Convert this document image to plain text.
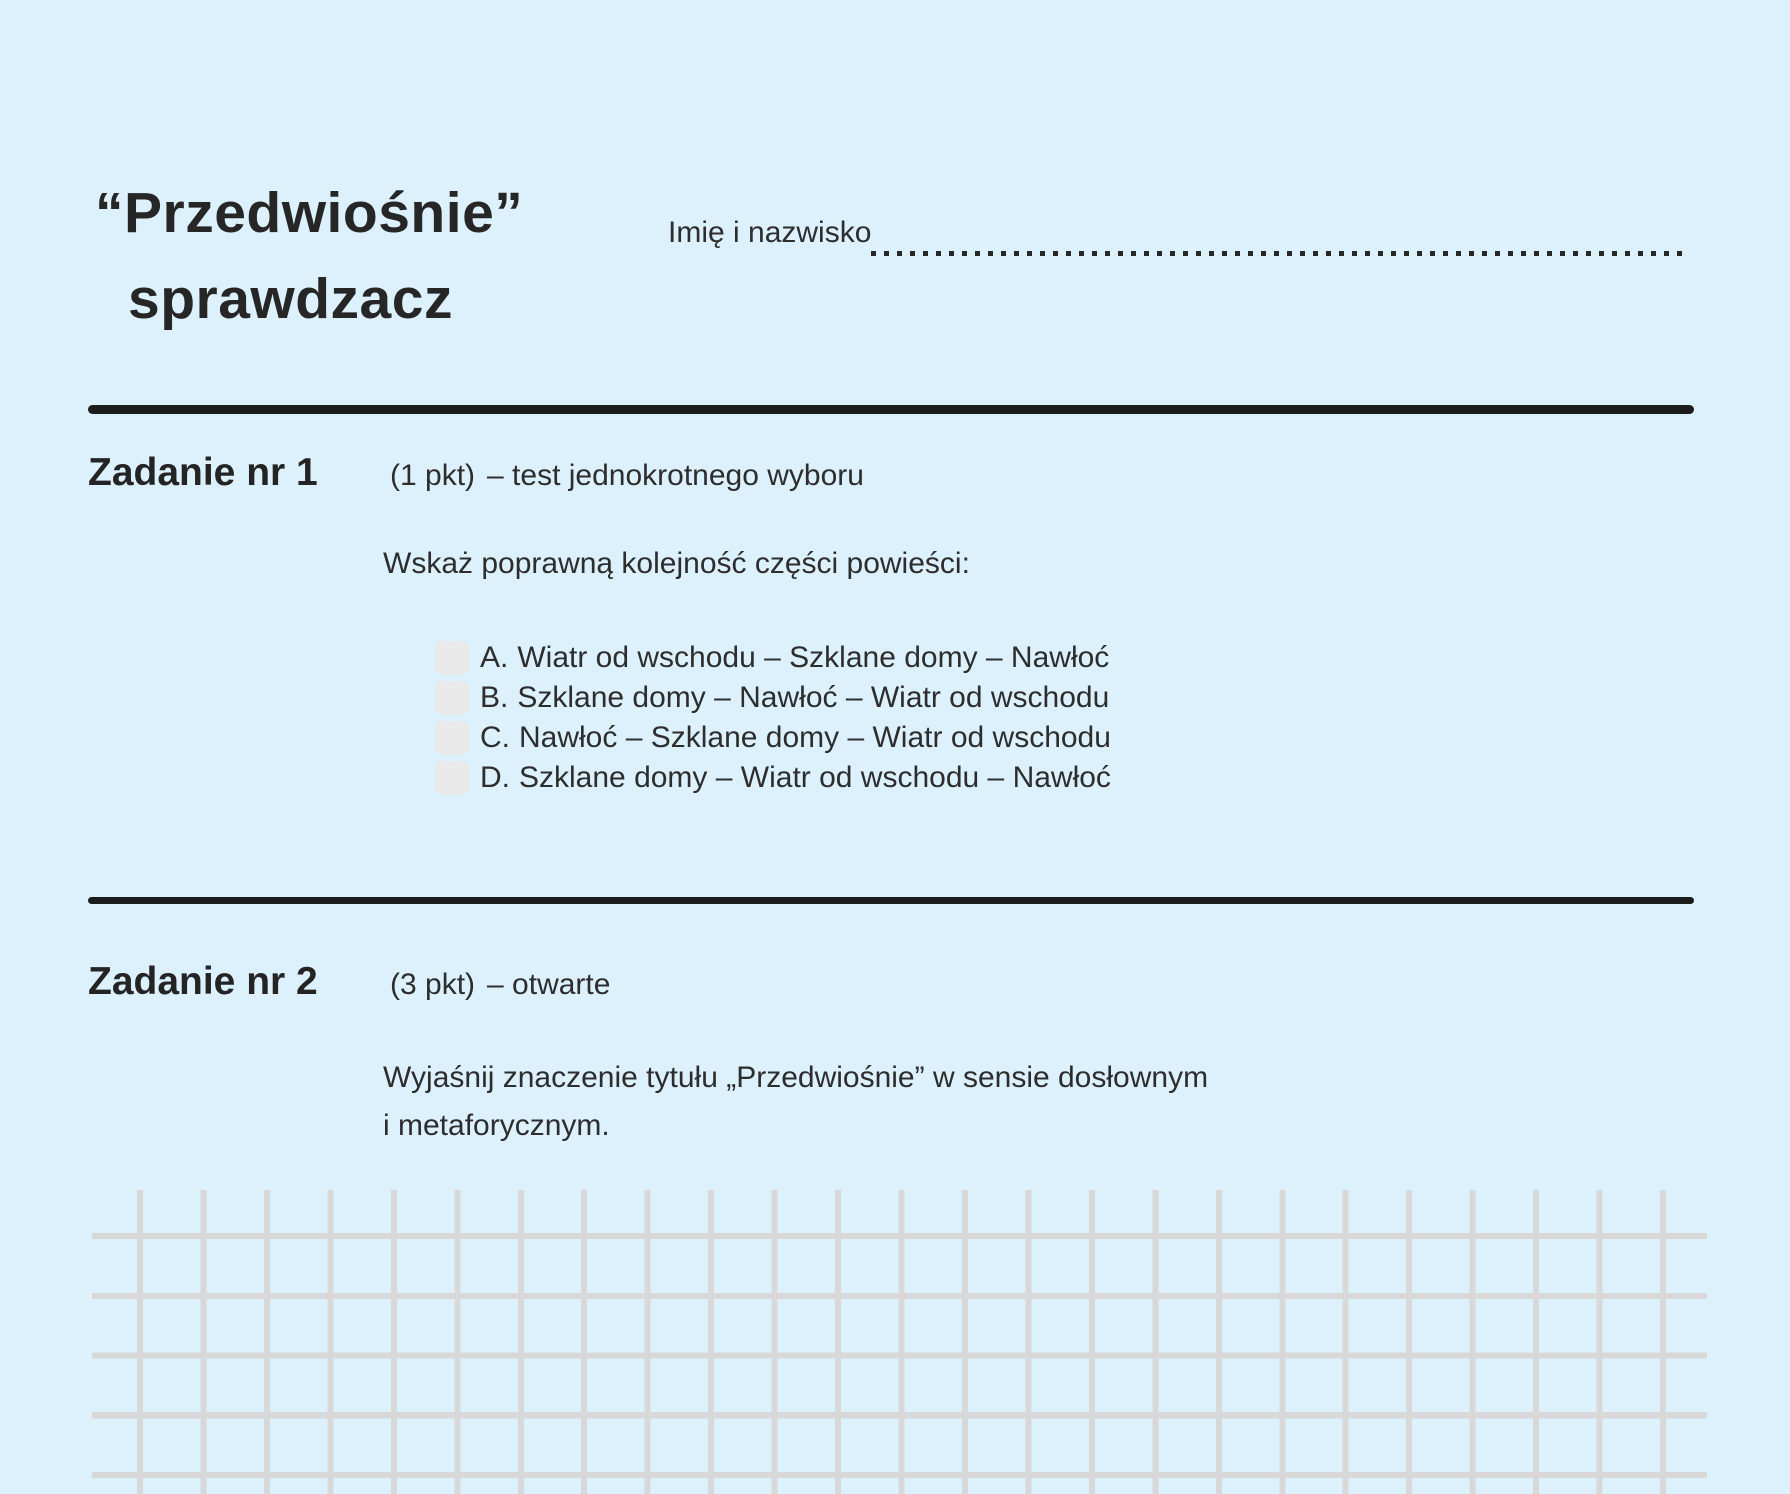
“Przedwiośnie”
sprawdzacz
Imię i nazwisko
Zadanie nr 1	(1 pkt) – test jednokrotnego wyboru
Wskaż poprawną kolejność części powieści:
A. Wiatr od wschodu – Szklane domy – Nawłoć
B. Szklane domy – Nawłoć – Wiatr od wschodu
C. Nawłoć – Szklane domy – Wiatr od wschodu
D. Szklane domy – Wiatr od wschodu – Nawłoć
Zadanie nr 2	(3 pkt) – otwarte
Wyjaśnij znaczenie tytułu „Przedwiośnie” w sensie dosłownym
i metaforycznym.
